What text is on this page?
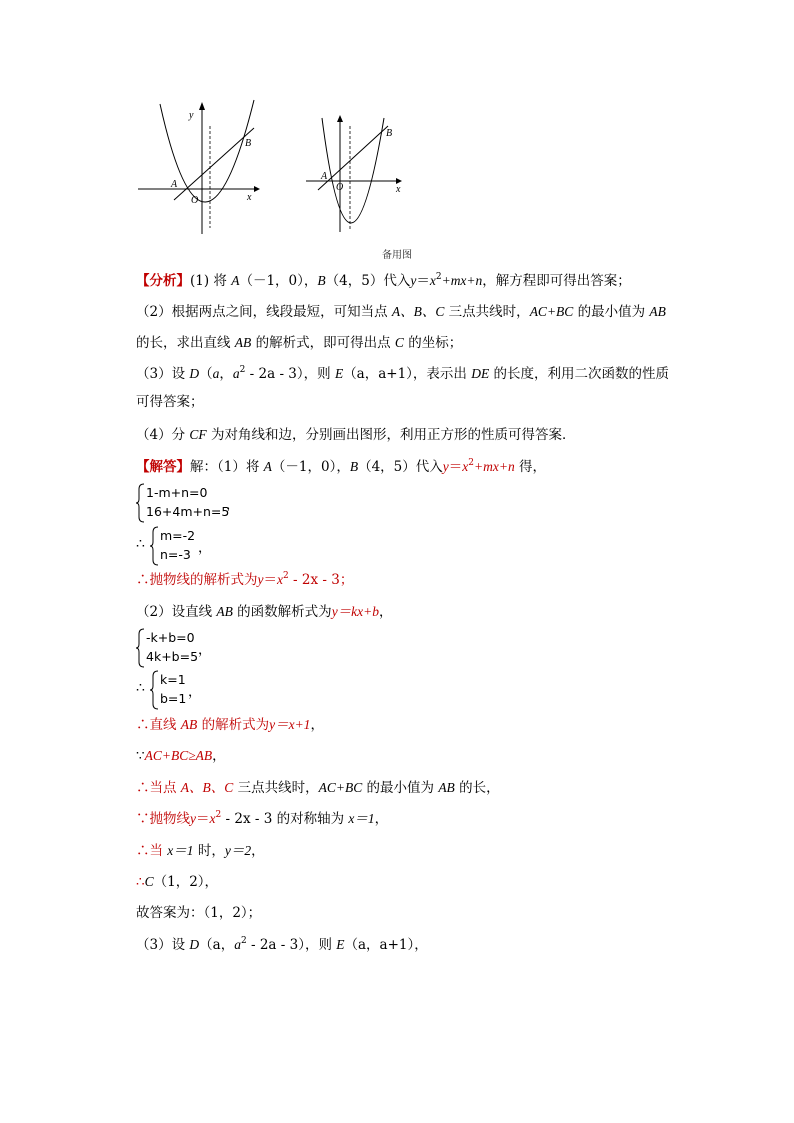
y
x
O
A
B
A
B
O	x
备用图
【分析】(1) 将 A（－1，0），B（4，5）代入$y=x^2+mx+n$，解方程即可得出答案；
（2）根据两点之间，线段最短，可知当点 A、B、C 三点共线时，AC+BC 的最小值为 AB
的长，求出直线 AB 的解析式，即可得出点 C 的坐标；
（3）设 D（a，$a^2 - 2a - 3$），则 E（a，a+1），表示出 DE 的长度，利用二次函数的性质
可得答案；
（4）分 CF 为对角线和边，分别画出图形，利用正方形的性质可得答案．
【解答】解：（1）将 A（－1，0），B（4，5）代入$y=x^2+mx+n$ 得，
1-m+n=0
16+4m+n=5
，
∴
m=-2
n=-3 ，
∴抛物线的解析式为$y=x^2 - 2x - 3$；
（2）设直线 AB 的函数解析式为y＝kx+b，
-k+b=0
4k+b=5 ，
∴
k=1
b=1 ，
∴直线 AB 的解析式为y＝x+1，
∵AC+BC≥AB，
∴当点 A、B、C 三点共线时，AC+BC 的最小值为 AB 的长，
∵抛物线$y=x^2 - 2x - 3$ 的对称轴为 x＝1，
∴当 x＝1 时，y＝2，
∴C（1，2），
故答案为：（1，2）；
（3）设 D（a，$a^2 - 2a - 3$），则 E（a，a+1），
